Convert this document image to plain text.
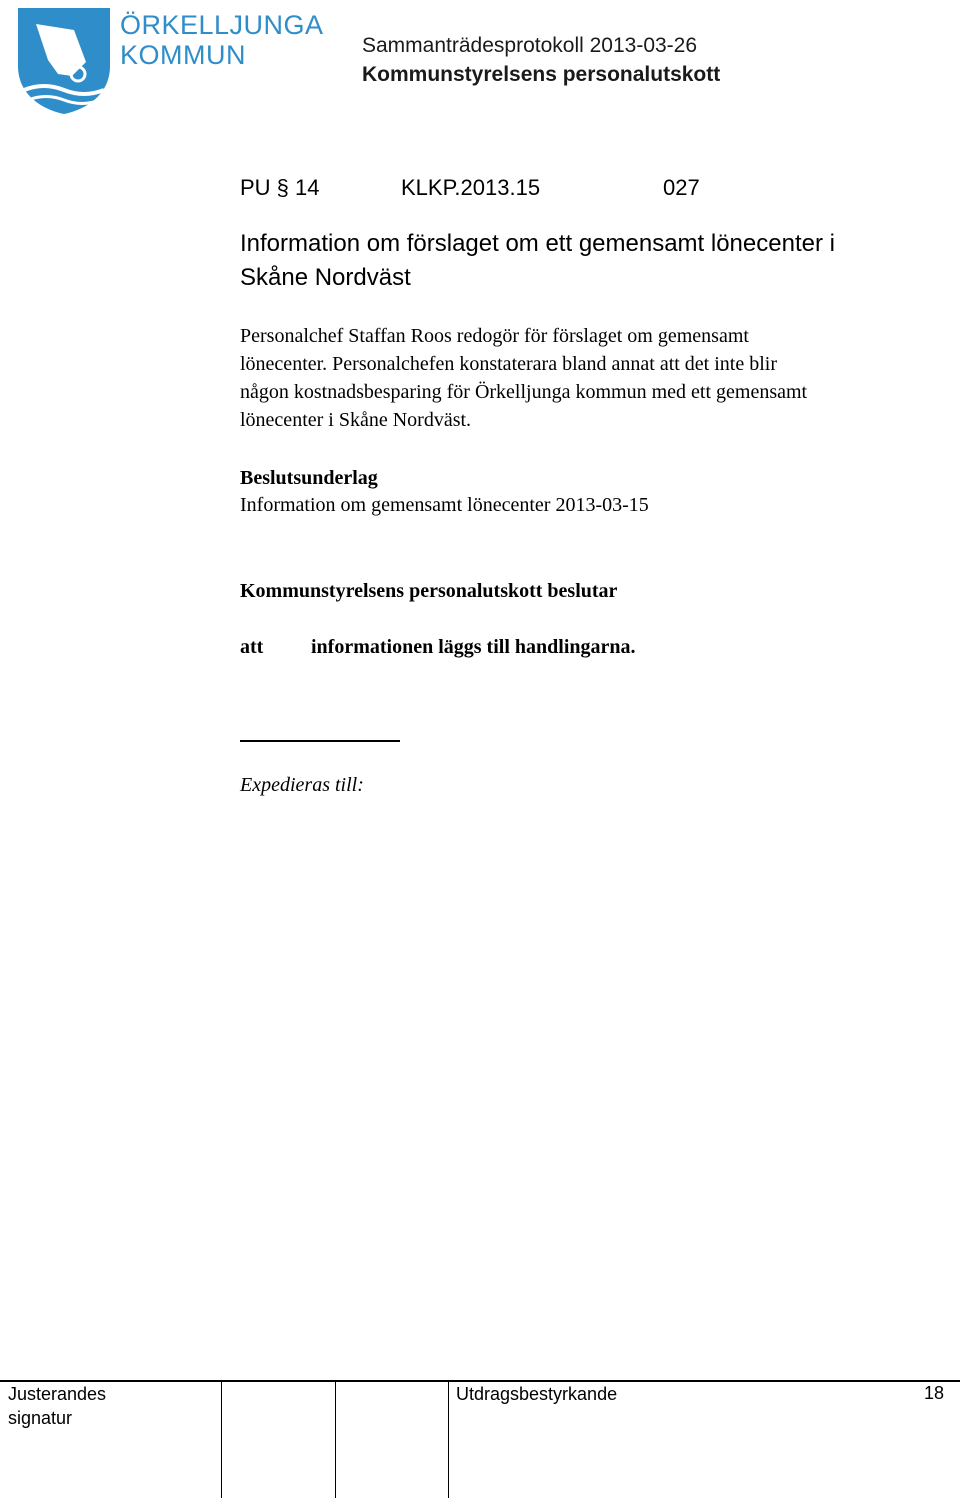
ÖRKELLJUNGA
KOMMUN	Sammanträdesprotokoll 2013-03-26
Kommunstyrelsens personalutskott
PU § 14	KLKP.2013.15	027
Information om förslaget om ett gemensamt lönecenter i
Skåne Nordväst
Personalchef Staffan Roos redogör för förslaget om gemensamt
lönecenter. Personalchefen konstaterara bland annat att det inte blir
någon kostnadsbesparing för Örkelljunga kommun med ett gemensamt
lönecenter i Skåne Nordväst.
Beslutsunderlag
Information om gemensamt lönecenter 2013-03-15
Kommunstyrelsens personalutskott beslutar
att informationen läggs till handlingarna.
Expedieras till:
Justerandes
signatur
Utdragsbestyrkande	18
